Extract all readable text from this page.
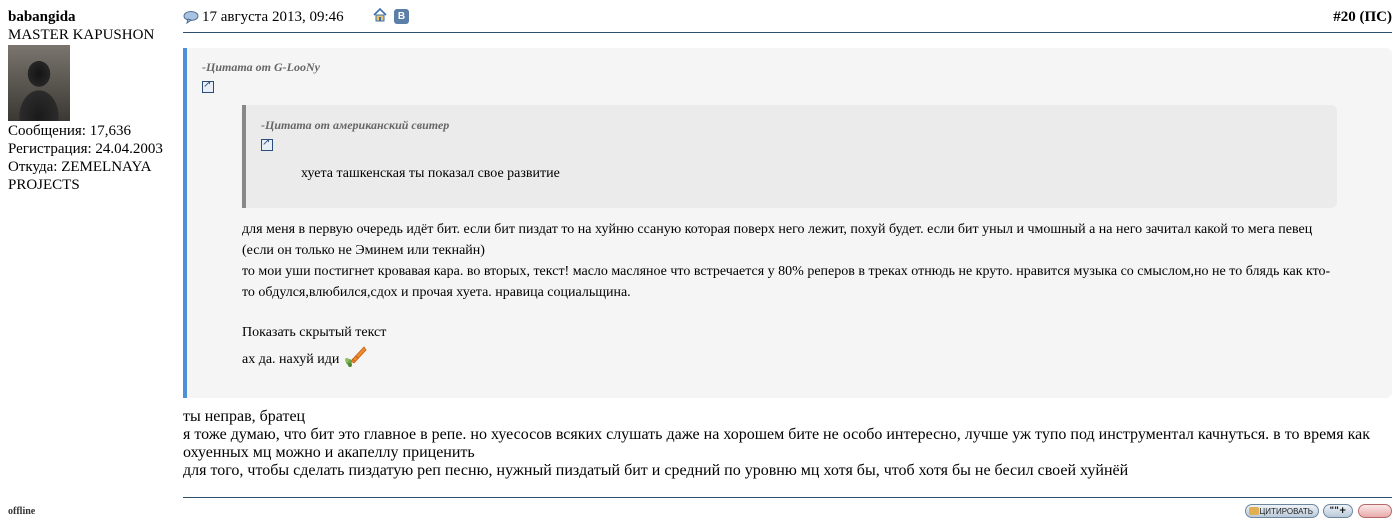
babangida
MASTER KAPUSHON
Сообщения: 17,636
Регистрация: 24.04.2003
Откуда: ZEMELNAYA PROJECTS
offline
17 августа 2013, 09:46	В	#20 (ПС)
-Цитата от G-LooNy
↗
-Цитата от американский свитер
↗
хуета ташкенская ты показал свое развитие
для меня в первую очередь идёт бит. если бит пиздат то на хуйню ссаную которая поверх него лежит, похуй будет. если бит уныл и чмошный а на него зачитал какой то мега певец
(если он только не Эминем или текнайн)
то мои уши постигнет кровавая кара. во вторых, текст! масло масляное что встречается у 80% реперов в треках отнюдь не круто. нравится музыка со смыслом,но не то блядь как кто-
то обдулся,влюбился,сдох и прочая хуета. нравица социальщина.
Показать скрытый текст
ах да. нахуй иди
ты неправ, братец
я тоже думаю, что бит это главное в репе. но хуесосов всяких слушать даже на хорошем бите не особо интересно, лучше уж тупо под инструментал качнуться. в то время как
охуенных мц можно и акапеллу приценить
для того, чтобы сделать пиздатую реп песню, нужный пиздатый бит и средний по уровню мц хотя бы, чтоб хотя бы не бесил своей хуйнёй
ЦИТИРОВАТЬ	""+
